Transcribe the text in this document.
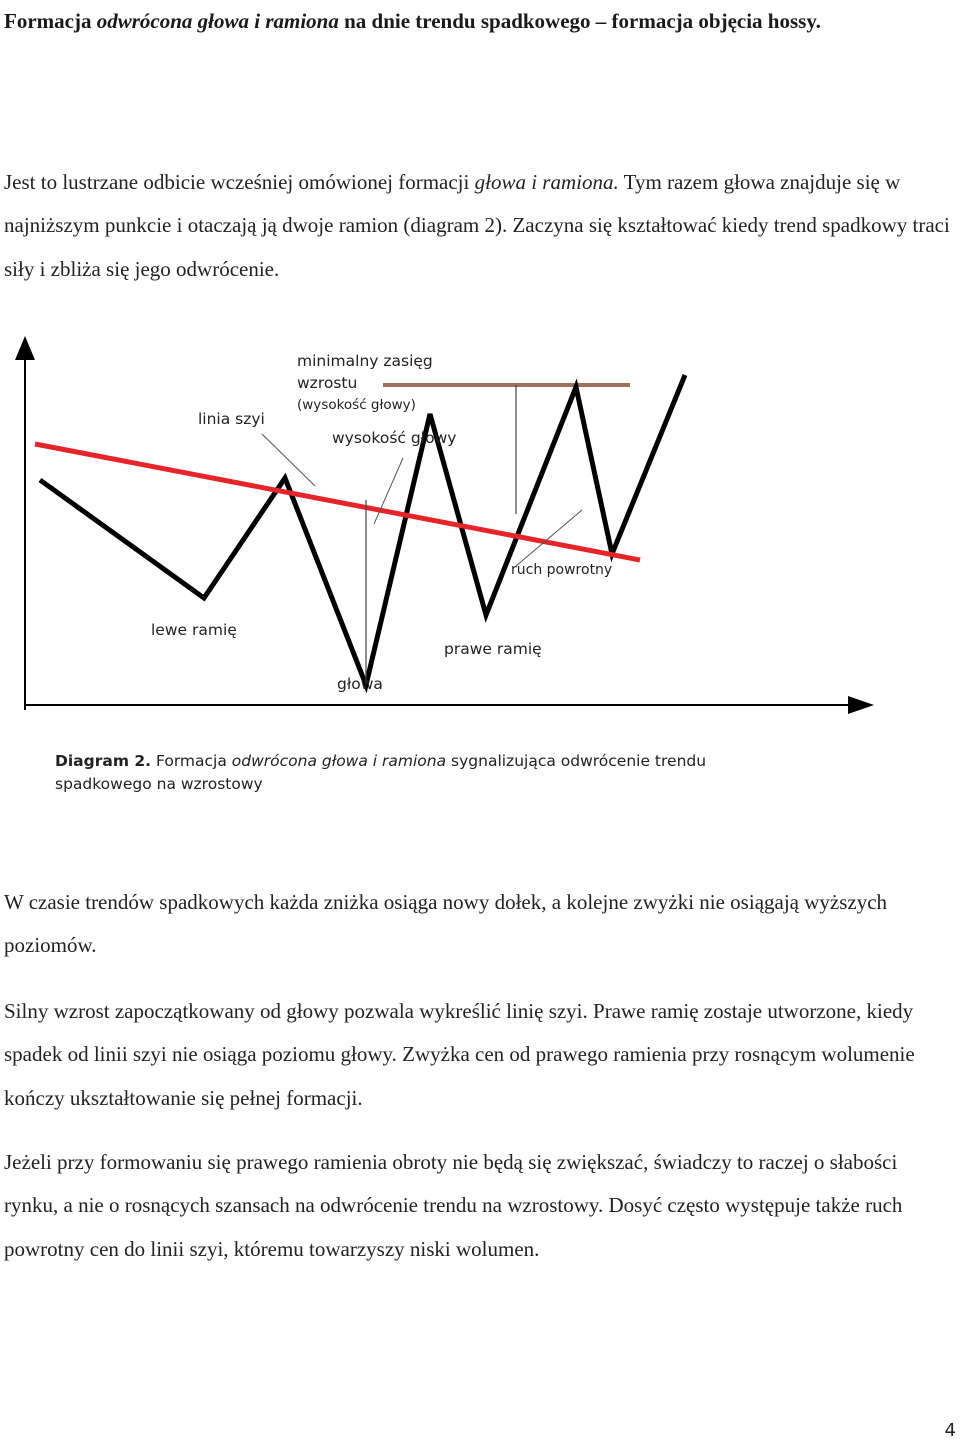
Formacja odwrócona głowa i ramiona na dnie trendu spadkowego – formacja objęcia hossy.

Jest to lustrzane odbicie wcześniej omówionej formacji głowa i ramiona. Tym razem głowa znajduje się w najniższym punkcie i otaczają ją dwoje ramion (diagram 2). Zaczyna się kształtować kiedy trend spadkowy traci siły i zbliża się jego odwrócenie.

minimalny zasięg
wzrostu
(wysokość głowy)
linia szyi
wysokość głowy
ruch powrotny
lewe ramię
prawe ramię
głowa

Diagram 2. Formacja odwrócona głowa i ramiona sygnalizująca odwrócenie trendu spadkowego na wzrostowy

W czasie trendów spadkowych każda zniżka osiąga nowy dołek, a kolejne zwyżki nie osiągają wyższych poziomów.

Silny wzrost zapoczątkowany od głowy pozwala wykreślić linię szyi. Prawe ramię zostaje utworzone, kiedy spadek od linii szyi nie osiąga poziomu głowy. Zwyżka cen od prawego ramienia przy rosnącym wolumenie kończy ukształtowanie się pełnej formacji.

Jeżeli przy formowaniu się prawego ramienia obroty nie będą się zwiększać, świadczy to raczej o słabości rynku, a nie o rosnących szansach na odwrócenie trendu na wzrostowy. Dosyć często występuje także ruch powrotny cen do linii szyi, któremu towarzyszy niski wolumen.

4
